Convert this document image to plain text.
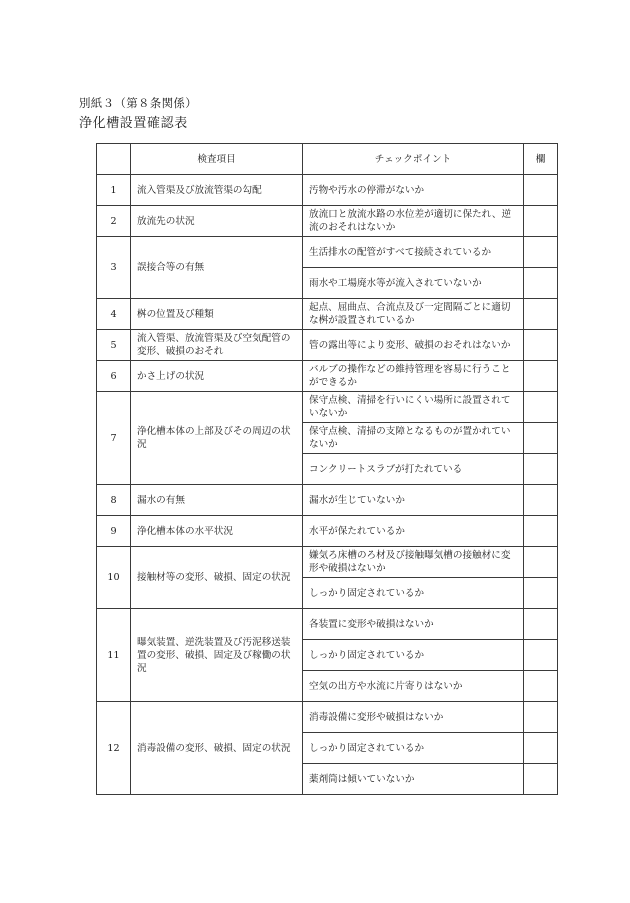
別紙３（第８条関係）
浄化槽設置確認表
	検査項目	チェックポイント	欄
1	流入管渠及び放流管渠の勾配	汚物や汚水の停滞がないか	
2	放流先の状況	放流口と放流水路の水位差が適切に保たれ、逆流のおそれはないか	
3	誤接合等の有無	生活排水の配管がすべて接続されているか	
		雨水や工場廃水等が流入されていないか	
4	桝の位置及び種類	起点、屈曲点、合流点及び一定間隔ごとに適切な桝が設置されているか	
5	流入管渠、放流管渠及び空気配管の変形、破損のおそれ	管の露出等により変形、破損のおそれはないか	
6	かさ上げの状況	バルブの操作などの維持管理を容易に行うことができるか	
7	浄化槽本体の上部及びその周辺の状況	保守点検、清掃を行いにくい場所に設置されていないか	
		保守点検、清掃の支障となるものが置かれていないか	
		コンクリートスラブが打たれている	
8	漏水の有無	漏水が生じていないか	
9	浄化槽本体の水平状況	水平が保たれているか	
10	接触材等の変形、破損、固定の状況	嫌気ろ床槽のろ材及び接触曝気槽の接触材に変形や破損はないか	
		しっかり固定されているか	
11	曝気装置、逆洗装置及び汚泥移送装置の変形、破損、固定及び稼働の状況	各装置に変形や破損はないか	
		しっかり固定されているか	
		空気の出方や水流に片寄りはないか	
12	消毒設備の変形、破損、固定の状況	消毒設備に変形や破損はないか	
		しっかり固定されているか	
		薬剤筒は傾いていないか	
